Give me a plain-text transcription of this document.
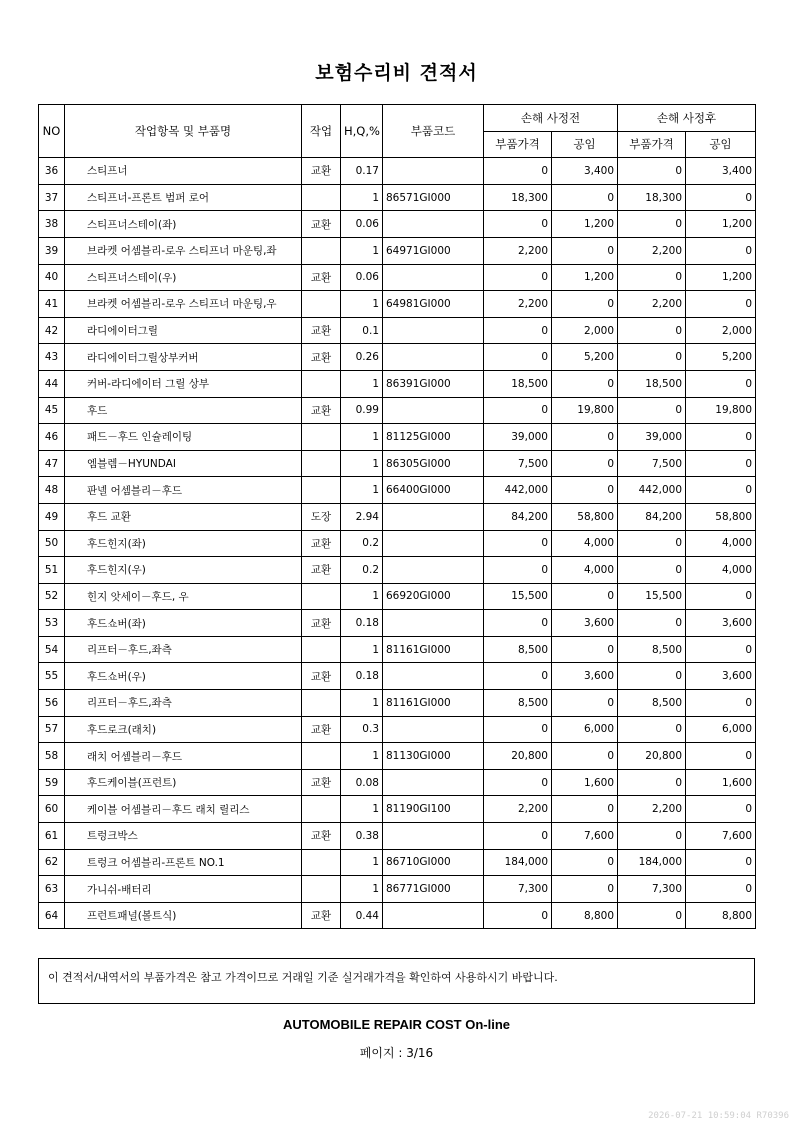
보험수리비 견적서
NO	작업항목 및 부품명	작업	H,Q,%	부품코드	손해 사정전		손해 사정후	
					부품가격	공임	부품가격	공임
36	스티프너	교환	0.17		0	3,400	0	3,400
37	스티프너-프론트 범퍼 로어		1	86571GI000	18,300	0	18,300	0
38	스티프너스테이(좌)	교환	0.06		0	1,200	0	1,200
39	브라켓 어셈블리-로우 스티프너 마운팅,좌		1	64971GI000	2,200	0	2,200	0
40	스티프너스테이(우)	교환	0.06		0	1,200	0	1,200
41	브라켓 어셈블리-로우 스티프너 마운팅,우		1	64981GI000	2,200	0	2,200	0
42	라디에이터그릴	교환	0.1		0	2,000	0	2,000
43	라디에이터그릴상부커버	교환	0.26		0	5,200	0	5,200
44	커버-라디에이터 그릴 상부		1	86391GI000	18,500	0	18,500	0
45	후드	교환	0.99		0	19,800	0	19,800
46	패드－후드 인슐레이팅		1	81125GI000	39,000	0	39,000	0
47	엠블렘－HYUNDAI		1	86305GI000	7,500	0	7,500	0
48	판넬 어셈블리－후드		1	66400GI000	442,000	0	442,000	0
49	후드 교환	도장	2.94		84,200	58,800	84,200	58,800
50	후드힌지(좌)	교환	0.2		0	4,000	0	4,000
51	후드힌지(우)	교환	0.2		0	4,000	0	4,000
52	힌지 앗세이－후드, 우		1	66920GI000	15,500	0	15,500	0
53	후드쇼버(좌)	교환	0.18		0	3,600	0	3,600
54	리프터－후드,좌측		1	81161GI000	8,500	0	8,500	0
55	후드쇼버(우)	교환	0.18		0	3,600	0	3,600
56	리프터－후드,좌측		1	81161GI000	8,500	0	8,500	0
57	후드로크(래치)	교환	0.3		0	6,000	0	6,000
58	래치 어셈블리－후드		1	81130GI000	20,800	0	20,800	0
59	후드케이블(프런트)	교환	0.08		0	1,600	0	1,600
60	케이블 어셈블리－후드 래치 릴리스		1	81190GI100	2,200	0	2,200	0
61	트렁크박스	교환	0.38		0	7,600	0	7,600
62	트렁크 어셈블리-프론트 NO.1		1	86710GI000	184,000	0	184,000	0
63	가니쉬-배터리		1	86771GI000	7,300	0	7,300	0
64	프런트패널(볼트식)	교환	0.44		0	8,800	0	8,800
이 견적서/내역서의 부품가격은 참고 가격이므로 거래일 기준 실거래가격을 확인하여 사용하시기 바랍니다.
AUTOMOBILE REPAIR COST On-line
페이지 : 3/16
2026-07-21 10:59:04 R70396
